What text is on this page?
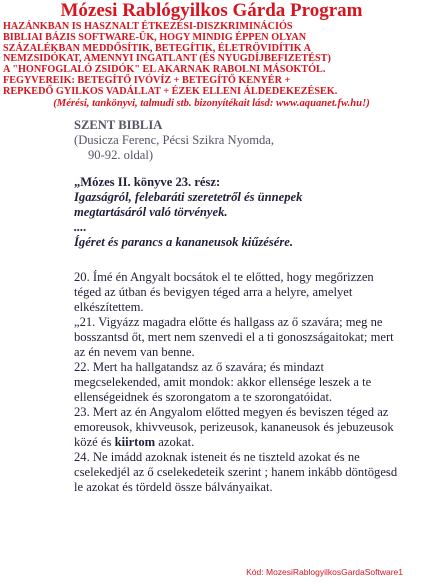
Mózesi Rablógyilkos Gárda Program
HAZÁNKBAN IS HASZNALT ÉTKEZÉSI-DISZKRIMINÁCIÓS
BIBLIAI BÁZIS SOFTWARE-ÜK, HOGY MINDIG ÉPPEN OLYAN
SZÁZALÉKBAN MEDDŐSÍTIK, BETEGÍTIK, ÉLETRÖVIDÍTIK A
NEMZSIDÓKAT, AMENNYI INGATLANT (ÉS NYUGDÍJBEFIZETÉST)
A "HONFOGLALÓ ZSIDÓK" EL AKARNAK RABOLNI MÁSOKTÓL.
FEGYVEREIK: BETEGÍTŐ IVÓVÍZ + BETEGÍTŐ KENYÉR +
REPKEDŐ GYILKOS VADÁLLAT + ÉZEK ELLENI ÁLDEDEKEZÉSEK.
(Mérési, tankönyvi, talmudi stb. bizonyítékait lásd: www.aquanet.fw.hu!)

SZENT BIBLIA

(Dusicza Ferenc, Pécsi Szikra Nyomda,

90-92. oldal)

„Mózes II. könyve 23. rész:

Igazságról, felebaráti szeretetről és ünnepek

megtartásáról való törvények.

....

Ígéret és parancs a kananeusok kiűzésére.

20. Ímé én Angyalt bocsátok el te előtted, hogy megőrizzen téged az útban és bevigyen téged arra a helyre, amelyet elkészítettem.

„21. Vigyázz magadra előtte és hallgass az ő szavára; meg ne bosszantsd őt, mert nem szenvedi el a ti gonoszságaitokat; mert az én nevem van benne.

22. Mert ha hallgatandsz az ő szavára; és mindazt megcselekended, amit mondok: akkor ellensége leszek a te ellenségeidnek és szorongatom a te szorongatóidat.

23. Mert az én Angyalom előtted megyen és beviszen téged az emoreusok, khivveusok, perizeusok, kananeusok és jebuzeusok közé és kiirtom azokat.

24. Ne imádd azoknak isteneit és ne tiszteld azokat és ne cselekedjél az ő cselekedeteik szerint ; hanem inkább döntögesd le azokat és tördeld össze bálványaikat.

Kód: MozesiRablogyilkosGardaSoftware1
